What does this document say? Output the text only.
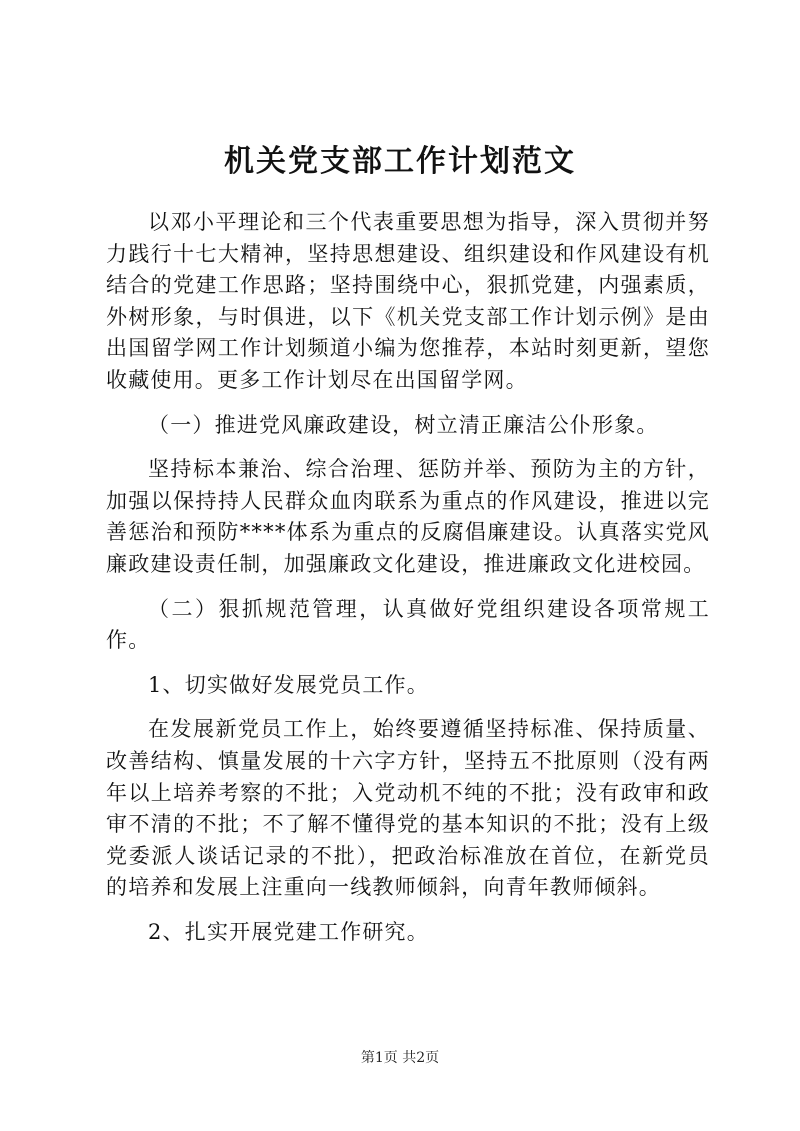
机关党支部工作计划范文

以邓小平理论和三个代表重要思想为指导，深入贯彻并努力践行十七大精神，坚持思想建设、组织建设和作风建设有机结合的党建工作思路；坚持围绕中心，狠抓党建，内强素质，外树形象，与时俱进，以下《机关党支部工作计划示例》是由出国留学网工作计划频道小编为您推荐，本站时刻更新，望您收藏使用。更多工作计划尽在出国留学网。

（一）推进党风廉政建设，树立清正廉洁公仆形象。

坚持标本兼治、综合治理、惩防并举、预防为主的方针，加强以保持持人民群众血肉联系为重点的作风建设，推进以完善惩治和预防****体系为重点的反腐倡廉建设。认真落实党风廉政建设责任制，加强廉政文化建设，推进廉政文化进校园。

（二）狠抓规范管理，认真做好党组织建设各项常规工作。

1、切实做好发展党员工作。

在发展新党员工作上，始终要遵循坚持标准、保持质量、改善结构、慎量发展的十六字方针，坚持五不批原则（没有两年以上培养考察的不批；入党动机不纯的不批；没有政审和政审不清的不批；不了解不懂得党的基本知识的不批；没有上级党委派人谈话记录的不批），把政治标准放在首位，在新党员的培养和发展上注重向一线教师倾斜，向青年教师倾斜。

2、扎实开展党建工作研究。

第1页 共2页
